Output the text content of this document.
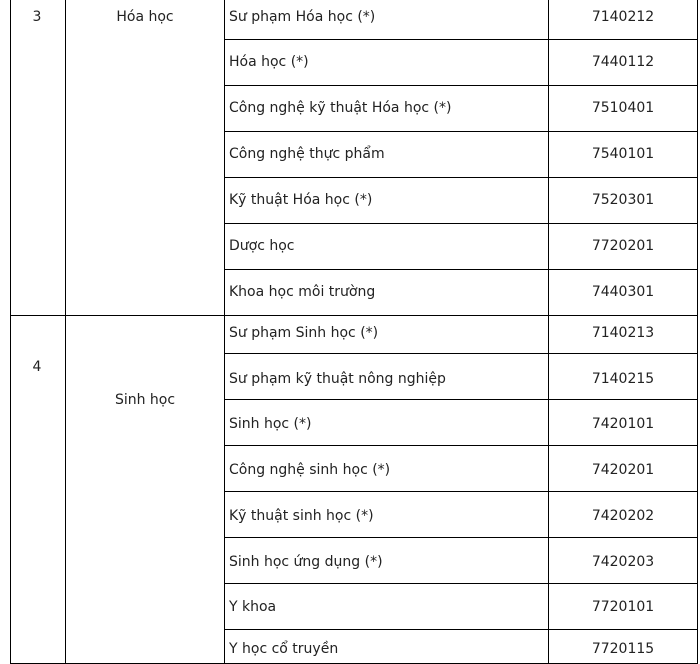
3	Hóa học	Sư phạm Hóa học (*)	7140212
Hóa học (*)	7440112
Công nghệ kỹ thuật Hóa học (*)	7510401
Công nghệ thực phẩm	7540101
Kỹ thuật Hóa học (*)	7520301
Dược học	7720201
Khoa học môi trường	7440301
4
Sinh học
Sư phạm Sinh học (*)	7140213
Sư phạm kỹ thuật nông nghiệp	7140215
Sinh học (*)	7420101
Công nghệ sinh học (*)	7420201
Kỹ thuật sinh học (*)	7420202
Sinh học ứng dụng (*)	7420203
Y khoa	7720101
Y học cổ truyền	7720115
